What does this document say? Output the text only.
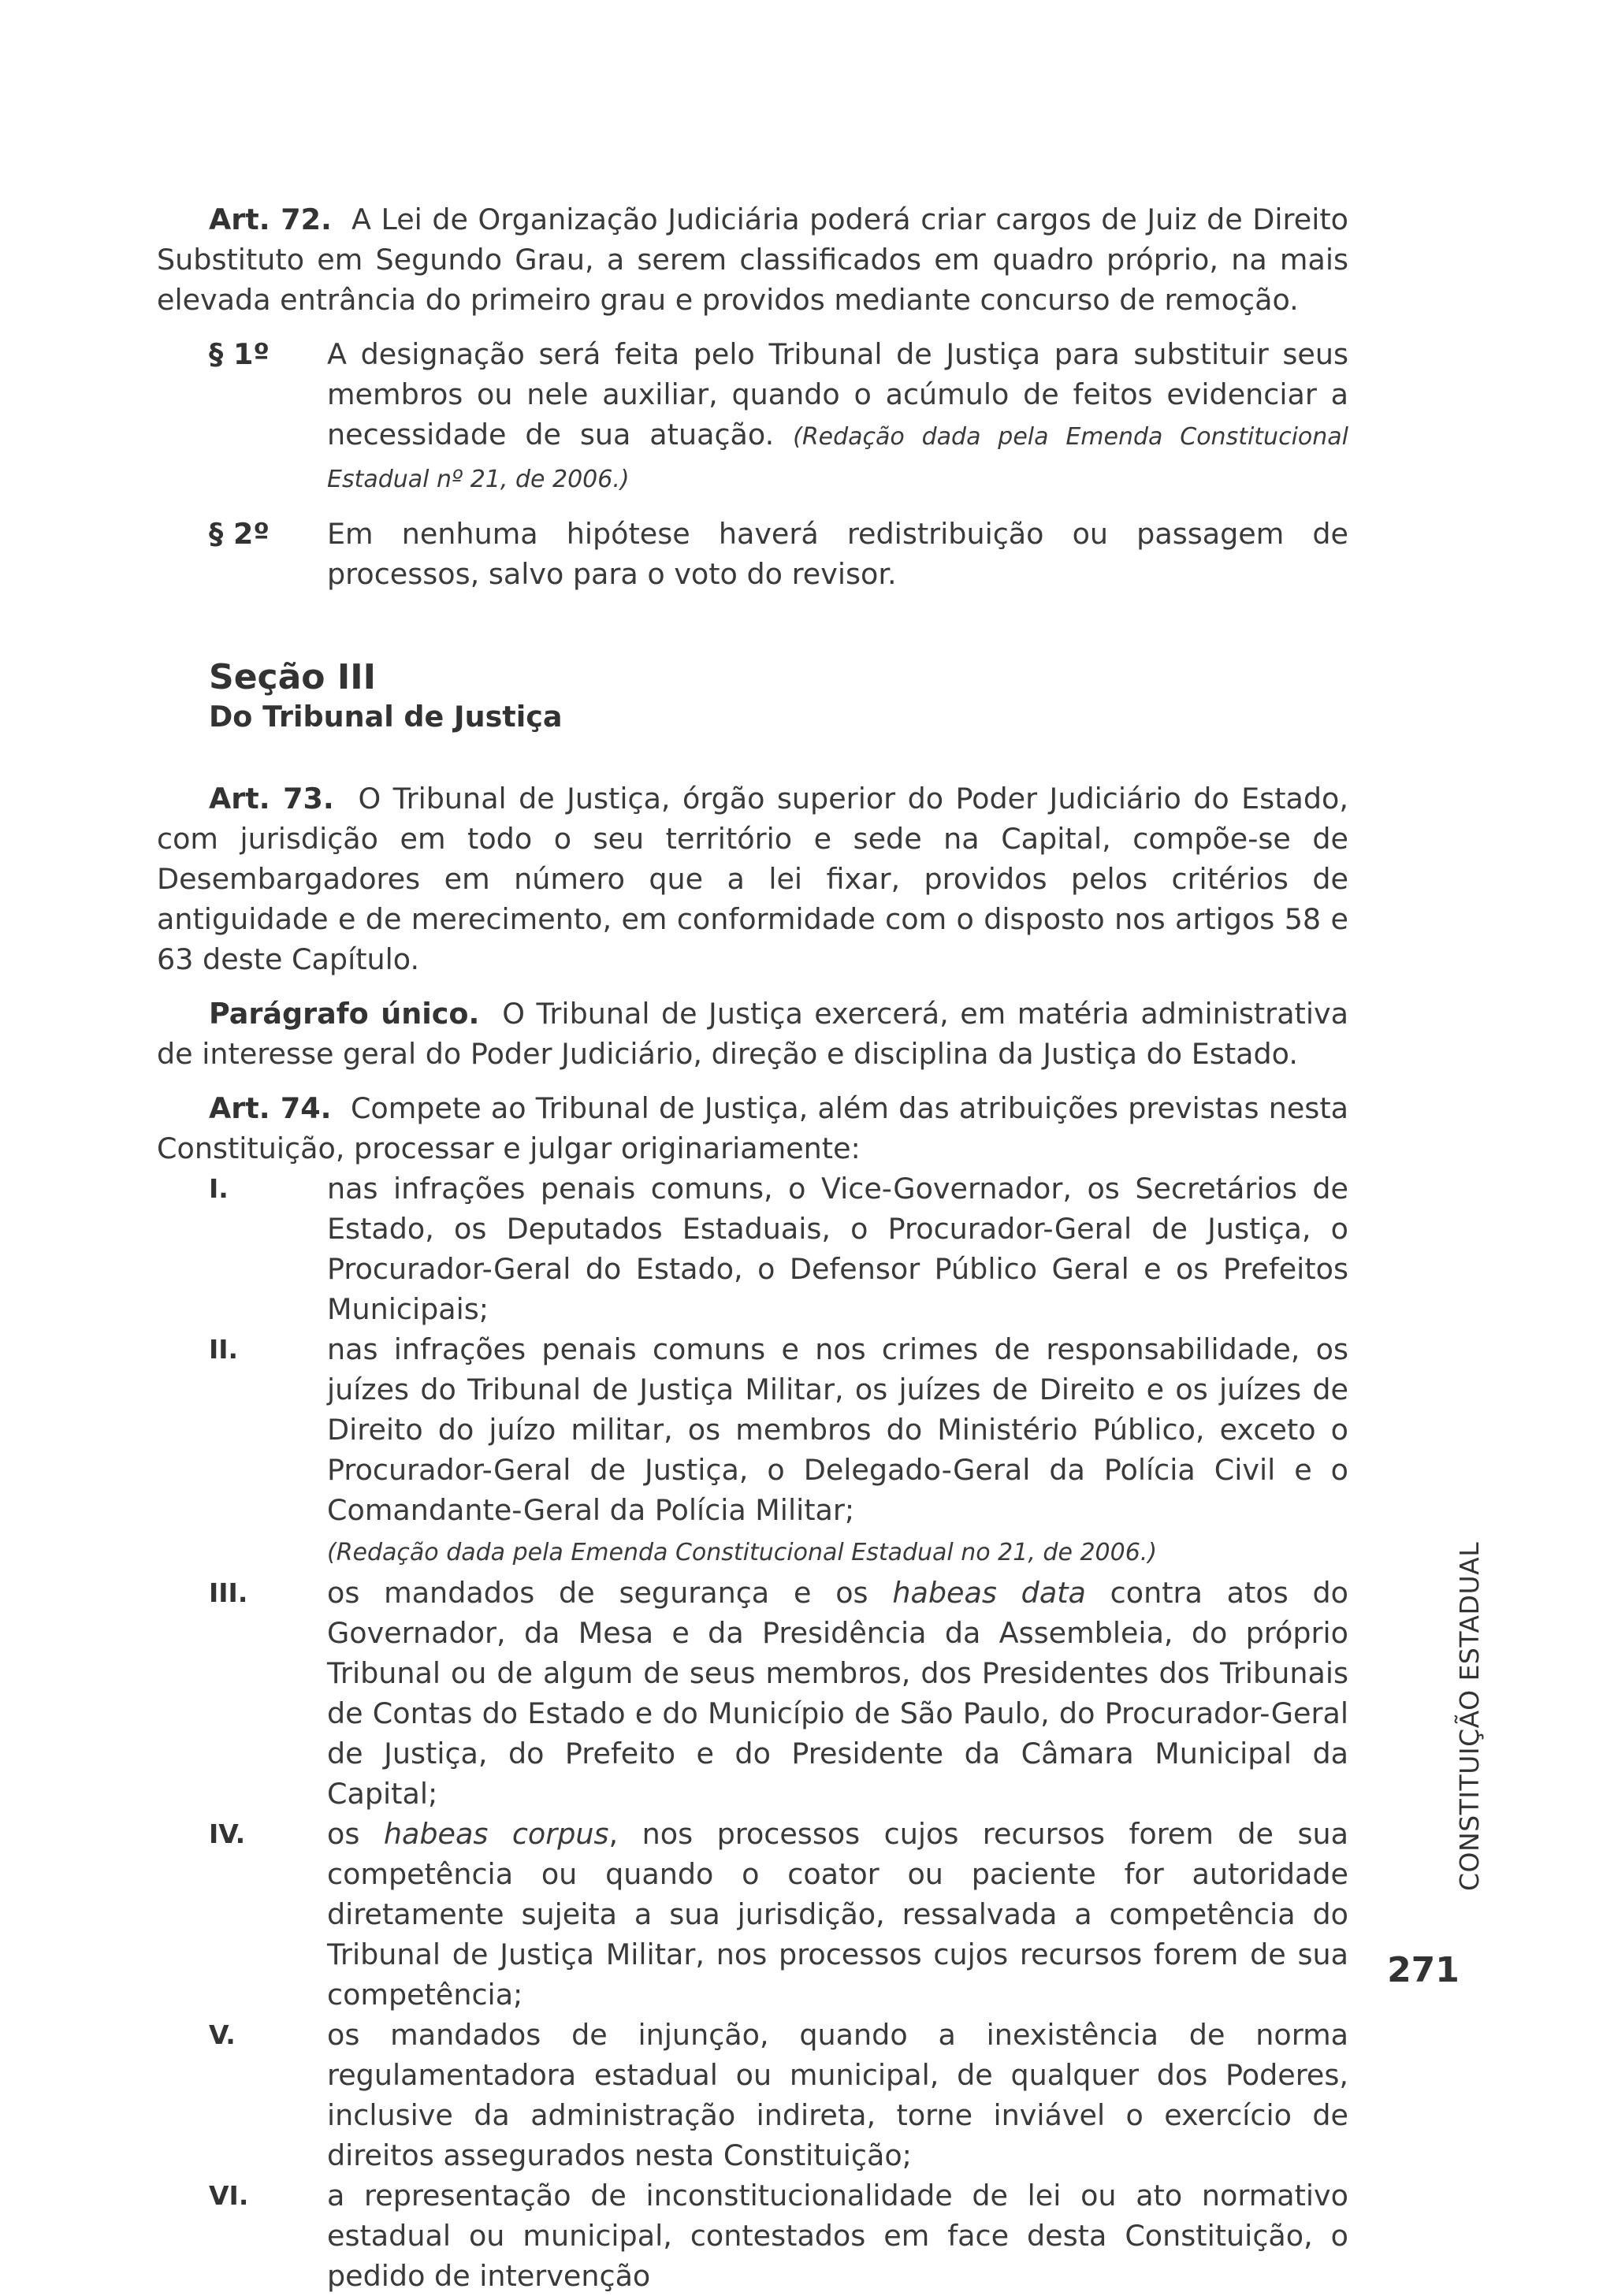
Art. 72. A Lei de Organização Judiciária poderá criar cargos de Juiz de Direito Substituto em Segundo Grau, a serem classificados em quadro próprio, na mais elevada entrância do primeiro grau e providos mediante concurso de remoção.

§ 1º	A designação será feita pelo Tribunal de Justiça para substituir seus membros ou nele auxiliar, quando o acúmulo de feitos evidenciar a necessidade de sua atuação. (Redação dada pela Emenda Constitucional Estadual nº 21, de 2006.)
§ 2º	Em nenhuma hipótese haverá redistribuição ou passagem de processos, salvo para o voto do revisor.
Seção III
Do Tribunal de Justiça

Art. 73. O Tribunal de Justiça, órgão superior do Poder Judiciário do Estado, com jurisdição em todo o seu território e sede na Capital, compõe-se de Desembargadores em número que a lei fixar, providos pelos critérios de antiguidade e de merecimento, em conformidade com o disposto nos artigos 58 e 63 deste Capítulo.

Parágrafo único. O Tribunal de Justiça exercerá, em matéria administrativa de interesse geral do Poder Judiciário, direção e disciplina da Justiça do Estado.

Art. 74. Compete ao Tribunal de Justiça, além das atribuições previstas nesta Constituição, processar e julgar originariamente:

I.	nas infrações penais comuns, o Vice-Governador, os Secretários de Estado, os Deputados Estaduais, o Procurador-Geral de Justiça, o Procurador-Geral do Estado, o Defensor Público Geral e os Prefeitos Municipais;
II.	nas infrações penais comuns e nos crimes de responsabilidade, os juízes do Tribunal de Justiça Militar, os juízes de Direito e os juízes de Direito do juízo militar, os membros do Ministério Público, exceto o Procurador-Geral de Justiça, o Delegado-Geral da Polícia Civil e o Comandante-Geral da Polícia Militar;
(Redação dada pela Emenda Constitucional Estadual no 21, de 2006.)
III.	os mandados de segurança e os habeas data contra atos do Governador, da Mesa e da Presidência da Assembleia, do próprio Tribunal ou de algum de seus membros, dos Presidentes dos Tribunais de Contas do Estado e do Município de São Paulo, do Procurador-Geral de Justiça, do Prefeito e do Presidente da Câmara Municipal da Capital;
IV.	os habeas corpus, nos processos cujos recursos forem de sua competência ou quando o coator ou paciente for autoridade diretamente sujeita a sua jurisdição, ressalvada a competência do Tribunal de Justiça Militar, nos processos cujos recursos forem de sua competência;
V.	os mandados de injunção, quando a inexistência de norma regulamentadora estadual ou municipal, de qualquer dos Poderes, inclusive da administração indireta, torne inviável o exercício de direitos assegurados nesta Constituição;
VI.	a representação de inconstitucionalidade de lei ou ato normativo estadual ou municipal, contestados em face desta Constituição, o pedido de intervenção
CONSTITUIÇÃO ESTADUAL
271
